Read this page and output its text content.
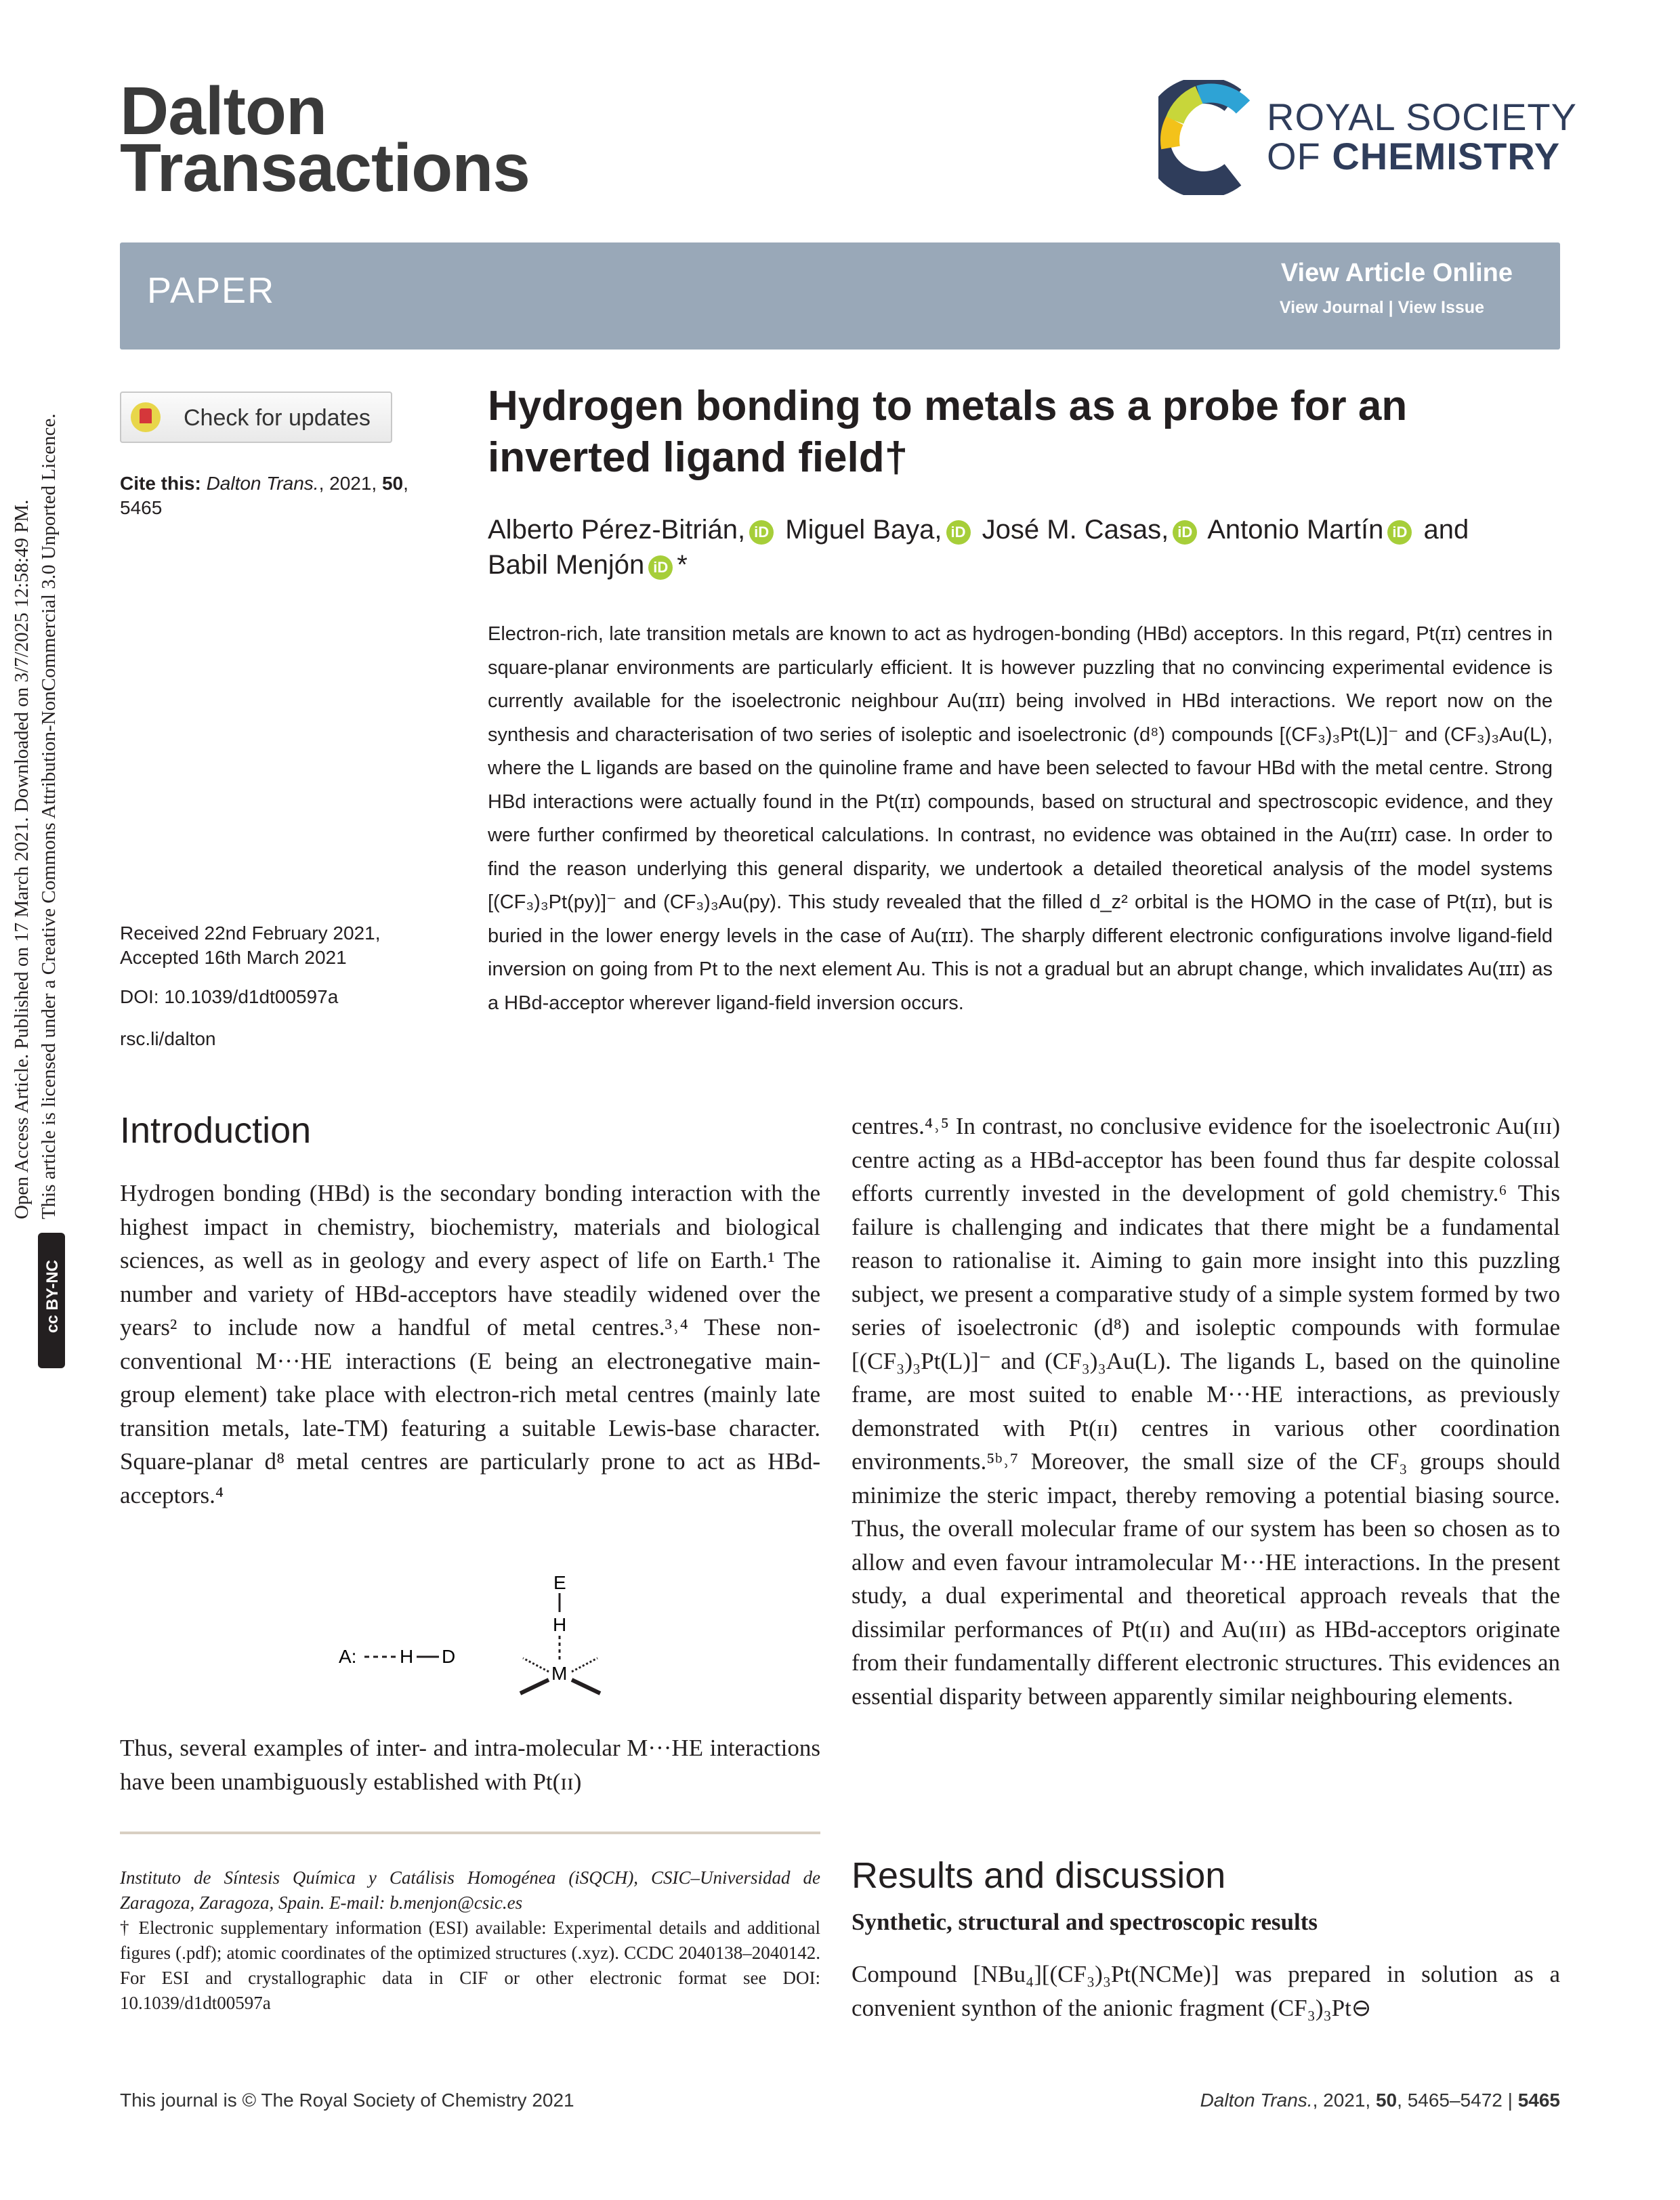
Dalton
Transactions
ROYAL SOCIETY
OF CHEMISTRY
PAPER	View Article Online
View Journal | View Issue
Open Access Article. Published on 17 March 2021. Downloaded on 3/7/2025 12:58:49 PM. This article is licensed under a Creative Commons Attribution-NonCommercial 3.0 Unported Licence.
cc BY-NC
Check for updates
Cite this: Dalton Trans., 2021, 50,
5465
Received 22nd February 2021,
Accepted 16th March 2021
DOI: 10.1039/d1dt00597a
rsc.li/dalton
Hydrogen bonding to metals as a probe for an
inverted ligand field†
Alberto Pérez-Bitrián, iD Miguel Baya, iD José M. Casas, iD Antonio Martín iD and
Babil Menjón iD *
Electron-rich, late transition metals are known to act as hydrogen-bonding (HBd) acceptors. In this regard, Pt(ɪɪ) centres in square-planar environments are particularly efficient. It is however puzzling that no convincing experimental evidence is currently available for the isoelectronic neighbour Au(ɪɪɪ) being involved in HBd interactions. We report now on the synthesis and characterisation of two series of isoleptic and isoelectronic (d⁸) compounds [(CF₃)₃Pt(L)]⁻ and (CF₃)₃Au(L), where the L ligands are based on the quinoline frame and have been selected to favour HBd with the metal centre. Strong HBd interactions were actually found in the Pt(ɪɪ) compounds, based on structural and spectroscopic evidence, and they were further confirmed by theoretical calculations. In contrast, no evidence was obtained in the Au(ɪɪɪ) case. In order to find the reason underlying this general disparity, we undertook a detailed theoretical analysis of the model systems [(CF₃)₃Pt(py)]⁻ and (CF₃)₃Au(py). This study revealed that the filled d_z² orbital is the HOMO in the case of Pt(ɪɪ), but is buried in the lower energy levels in the case of Au(ɪɪɪ). The sharply different electronic configurations involve ligand-field inversion on going from Pt to the next element Au. This is not a gradual but an abrupt change, which invalidates Au(ɪɪɪ) as a HBd-acceptor wherever ligand-field inversion occurs.
Introduction
Hydrogen bonding (HBd) is the secondary bonding interaction with the highest impact in chemistry, biochemistry, materials and biological sciences, as well as in geology and every aspect of life on Earth.¹ The number and variety of HBd-acceptors have steadily widened over the years² to include now a handful of metal centres.³˒⁴ These non-conventional M···HE interactions (E being an electronegative main-group element) take place with electron-rich metal centres (mainly late transition metals, late-TM) featuring a suitable Lewis-base character. Square-planar d⁸ metal centres are particularly prone to act as HBd-acceptors.⁴
A: H D
E
H
M
Thus, several examples of inter- and intra-molecular M···HE interactions have been unambiguously established with Pt(ɪɪ)
Instituto de Síntesis Química y Catálisis Homogénea (iSQCH), CSIC–Universidad de Zaragoza, Zaragoza, Spain. E-mail: b.menjon@csic.es
† Electronic supplementary information (ESI) available: Experimental details and additional figures (.pdf); atomic coordinates of the optimized structures (.xyz). CCDC 2040138–2040142. For ESI and crystallographic data in CIF or other electronic format see DOI: 10.1039/d1dt00597a
centres.⁴˒⁵ In contrast, no conclusive evidence for the isoelectronic Au(ɪɪɪ) centre acting as a HBd-acceptor has been found thus far despite colossal efforts currently invested in the development of gold chemistry.⁶ This failure is challenging and indicates that there might be a fundamental reason to rationalise it. Aiming to gain more insight into this puzzling subject, we present a comparative study of a simple system formed by two series of isoelectronic (d⁸) and isoleptic compounds with formulae [(CF₃)₃Pt(L)]⁻ and (CF₃)₃Au(L). The ligands L, based on the quinoline frame, are most suited to enable M···HE interactions, as previously demonstrated with Pt(ɪɪ) centres in various other coordination environments.⁵ᵇ˒⁷ Moreover, the small size of the CF₃ groups should minimize the steric impact, thereby removing a potential biasing source. Thus, the overall molecular frame of our system has been so chosen as to allow and even favour intramolecular M···HE interactions. In the present study, a dual experimental and theoretical approach reveals that the dissimilar performances of Pt(ɪɪ) and Au(ɪɪɪ) as HBd-acceptors originate from their fundamentally different electronic structures. This evidences an essential disparity between apparently similar neighbouring elements.
Results and discussion
Synthetic, structural and spectroscopic results
Compound [NBu₄][(CF₃)₃Pt(NCMe)] was prepared in solution as a convenient synthon of the anionic fragment (CF₃)₃Pt⊖
This journal is © The Royal Society of Chemistry 2021	Dalton Trans., 2021, 50, 5465–5472 | 5465
